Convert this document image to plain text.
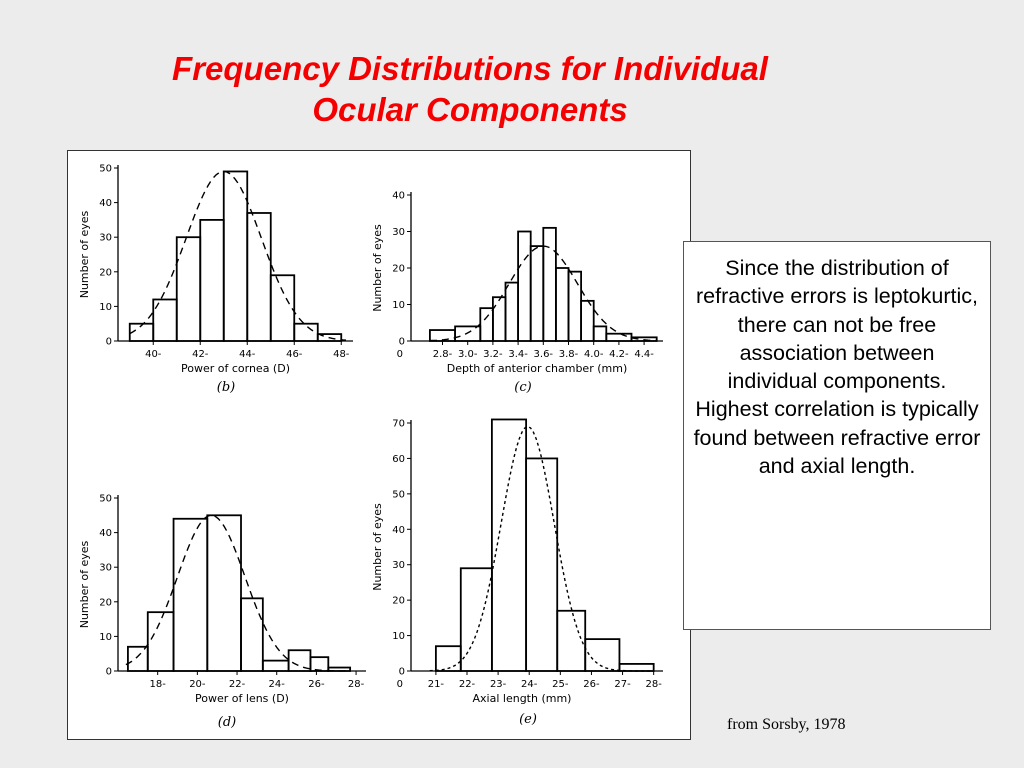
Frequency Distributions for Individual
Ocular Components
0
10
20
30
40
50
40-	42-	44-	46-	48-
Number of eyes
Power of cornea (D)
(b)
0
10
20
30
40
2.8- 3.0- 3.2- 3.4- 3.6- 3.8- 4.0- 4.2- 4.4-
0
Number of eyes
Depth of anterior chamber (mm)
(c)
0
10
20
30
40
50
18- 20- 22- 24- 26- 28-
Number of eyes
Power of lens (D)
(d)
0
10
20
30
40
50
60
70
21- 22- 23- 24- 25- 26- 27- 28-
0
Number of eyes
Axial length (mm)
(e)
Since the distribution of refractive errors is leptokurtic, there can not be free association between individual components. Highest correlation is typically found between refractive error and axial length.
from Sorsby, 1978
